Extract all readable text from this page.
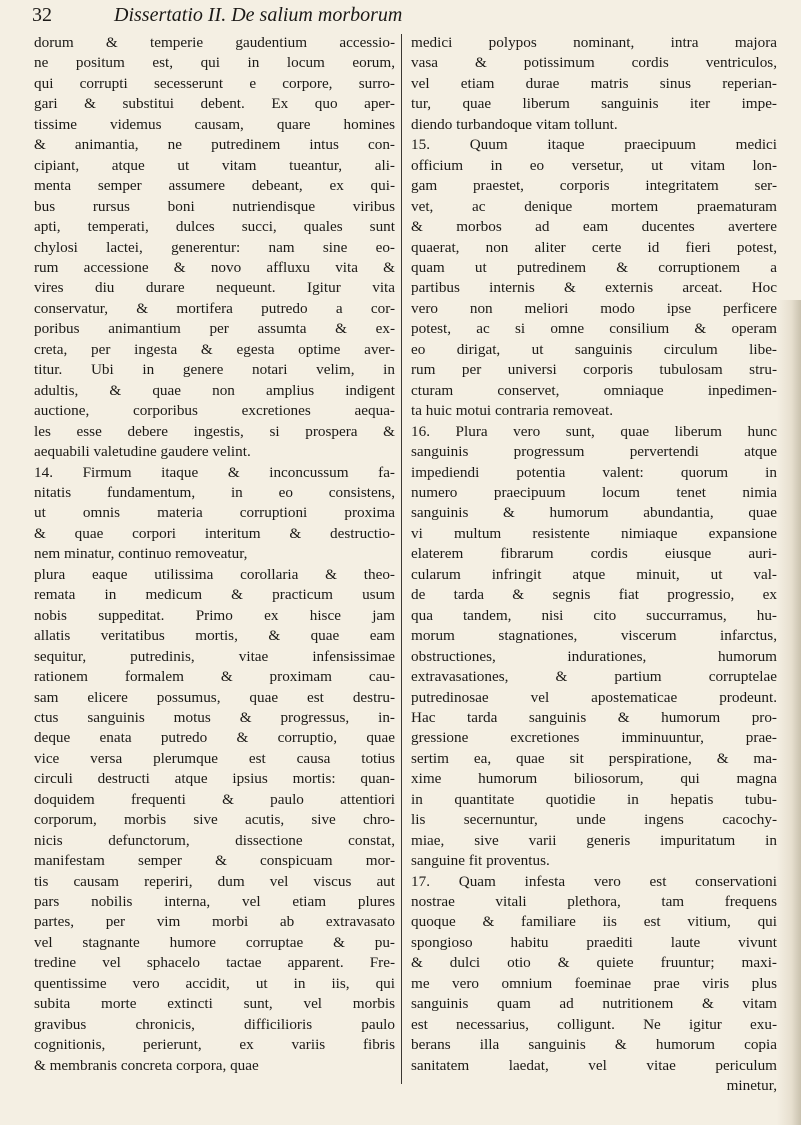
32	Dissertatio II. De salium morborum

dorum & temperie gaudentium accessio-

ne positum est, qui in locum eorum,

qui corrupti secesserunt e corpore, surro-

gari & substitui debent. Ex quo aper-

tissime videmus causam, quare homines

& animantia, ne putredinem intus con-

cipiant, atque ut vitam tueantur, ali-

menta semper assumere debeant, ex qui-

bus rursus boni nutriendisque viribus

apti, temperati, dulces succi, quales sunt

chylosi lactei, generentur: nam sine eo-

rum accessione & novo affluxu vita &

vires diu durare nequeunt. Igitur vita

conservatur, & mortifera putredo a cor-

poribus animantium per assumta & ex-

creta, per ingesta & egesta optime aver-

titur. Ubi in genere notari velim, in

adultis, & quae non amplius indigent

auctione, corporibus excretiones aequa-

les esse debere ingestis, si prospera &

aequabili valetudine gaudere velint.

14. Firmum itaque & inconcussum fa-

nitatis fundamentum, in eo consistens,

ut omnis materia corruptioni proxima

& quae corpori interitum & destructio-

nem minatur, continuo removeatur,

plura eaque utilissima corollaria & theo-

remata in medicum & practicum usum

nobis suppeditat. Primo ex hisce jam

allatis veritatibus mortis, & quae eam

sequitur, putredinis, vitae infensissimae

rationem formalem & proximam cau-

sam elicere possumus, quae est destru-

ctus sanguinis motus & progressus, in-

deque enata putredo & corruptio, quae

vice versa plerumque est causa totius

circuli destructi atque ipsius mortis: quan-

doquidem frequenti & paulo attentiori

corporum, morbis sive acutis, sive chro-

nicis defunctorum, dissectione constat,

manifestam semper & conspicuam mor-

tis causam reperiri, dum vel viscus aut

pars nobilis interna, vel etiam plures

partes, per vim morbi ab extravasato

vel stagnante humore corruptae & pu-

tredine vel sphacelo tactae apparent. Fre-

quentissime vero accidit, ut in iis, qui

subita morte extincti sunt, vel morbis

gravibus chronicis, difficilioris paulo

cognitionis, perierunt, ex variis fibris

& membranis concreta corpora, quae

medici polypos nominant, intra majora

vasa & potissimum cordis ventriculos,

vel etiam durae matris sinus reperian-

tur, quae liberum sanguinis iter impe-

diendo turbandoque vitam tollunt.

15. Quum itaque praecipuum medici

officium in eo versetur, ut vitam lon-

gam praestet, corporis integritatem ser-

vet, ac denique mortem praematuram

& morbos ad eam ducentes avertere

quaerat, non aliter certe id fieri potest,

quam ut putredinem & corruptionem a

partibus internis & externis arceat. Hoc

vero non meliori modo ipse perficere

potest, ac si omne consilium & operam

eo dirigat, ut sanguinis circulum libe-

rum per universi corporis tubulosam stru-

cturam conservet, omniaque inpedimen-

ta huic motui contraria removeat.

16. Plura vero sunt, quae liberum hunc

sanguinis progressum pervertendi atque

impediendi potentia valent: quorum in

numero praecipuum locum tenet nimia

sanguinis & humorum abundantia, quae

vi multum resistente nimiaque expansione

elaterem fibrarum cordis eiusque auri-

cularum infringit atque minuit, ut val-

de tarda & segnis fiat progressio, ex

qua tandem, nisi cito succurramus, hu-

morum stagnationes, viscerum infarctus,

obstructiones, indurationes, humorum

extravasationes, & partium corruptelae

putredinosae vel apostematicae prodeunt.

Hac tarda sanguinis & humorum pro-

gressione excretiones imminuuntur, prae-

sertim ea, quae sit perspiratione, & ma-

xime humorum biliosorum, qui magna

in quantitate quotidie in hepatis tubu-

lis secernuntur, unde ingens cacochy-

miae, sive varii generis impuritatum in

sanguine fit proventus.

17. Quam infesta vero est conservationi

nostrae vitali plethora, tam frequens

quoque & familiare iis est vitium, qui

spongioso habitu praediti laute vivunt

& dulci otio & quiete fruuntur; maxi-

me vero omnium foeminae prae viris plus

sanguinis quam ad nutritionem & vitam

est necessarius, colligunt. Ne igitur exu-

berans illa sanguinis & humorum copia

sanitatem laedat, vel vitae periculum

minetur,
